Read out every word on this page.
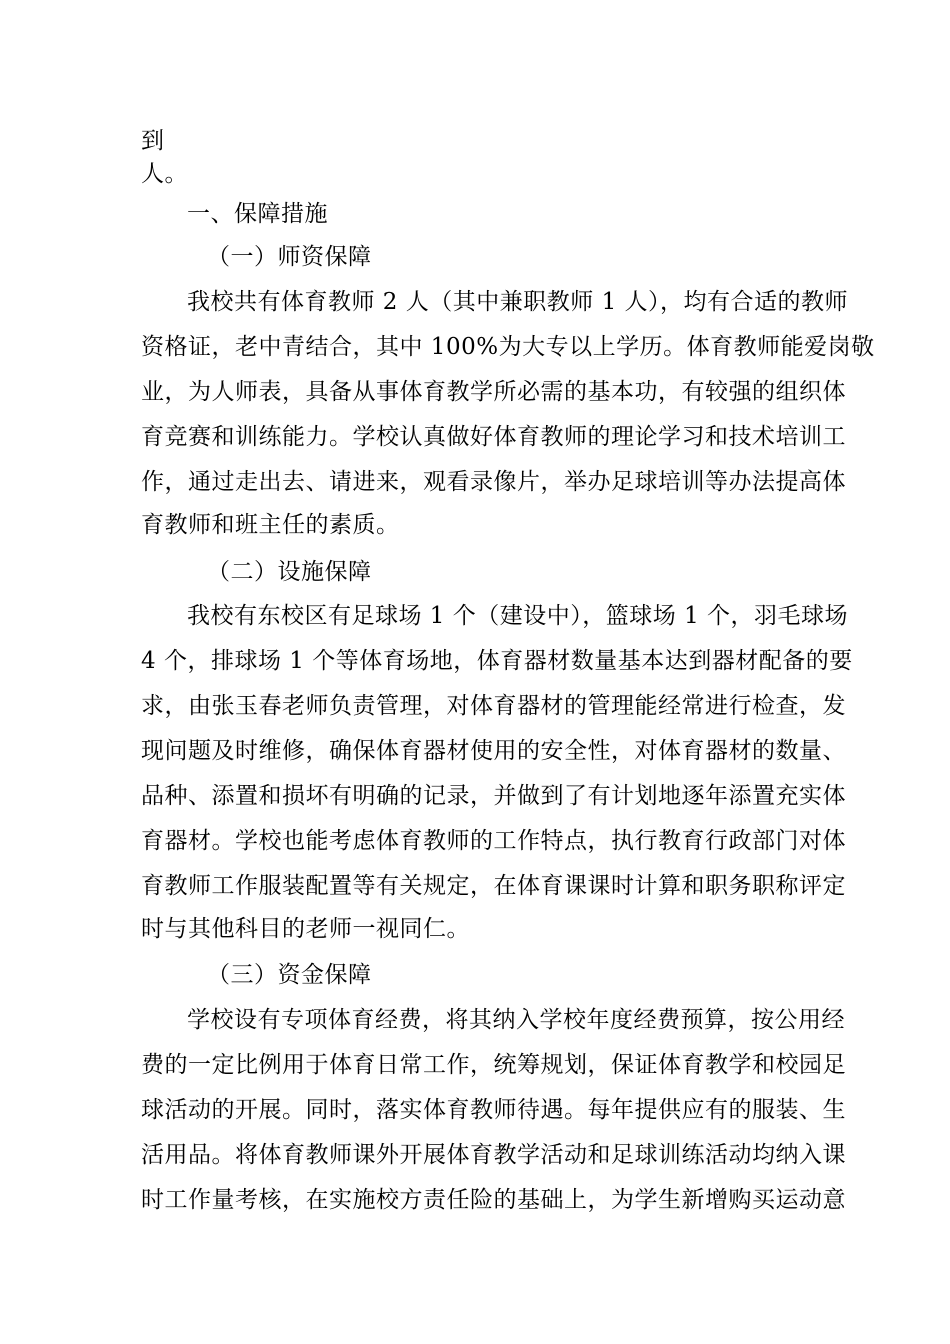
到
人。
一、保障措施
（一）师资保障
我校共有体育教师 2 人（其中兼职教师 1 人），均有合适的教师
资格证，老中青结合，其中 100%为大专以上学历。体育教师能爱岗敬
业，为人师表，具备从事体育教学所必需的基本功，有较强的组织体
育竞赛和训练能力。学校认真做好体育教师的理论学习和技术培训工
作，通过走出去、请进来，观看录像片，举办足球培训等办法提高体
育教师和班主任的素质。
（二）设施保障
我校有东校区有足球场 1 个（建设中），篮球场 1 个，羽毛球场
4 个，排球场 1 个等体育场地，体育器材数量基本达到器材配备的要
求，由张玉春老师负责管理，对体育器材的管理能经常进行检查，发
现问题及时维修，确保体育器材使用的安全性，对体育器材的数量、
品种、添置和损坏有明确的记录，并做到了有计划地逐年添置充实体
育器材。学校也能考虑体育教师的工作特点，执行教育行政部门对体
育教师工作服装配置等有关规定，在体育课课时计算和职务职称评定
时与其他科目的老师一视同仁。
（三）资金保障
学校设有专项体育经费，将其纳入学校年度经费预算，按公用经
费的一定比例用于体育日常工作，统筹规划，保证体育教学和校园足
球活动的开展。同时，落实体育教师待遇。每年提供应有的服装、生
活用品。将体育教师课外开展体育教学活动和足球训练活动均纳入课
时工作量考核，在实施校方责任险的基础上，为学生新增购买运动意
